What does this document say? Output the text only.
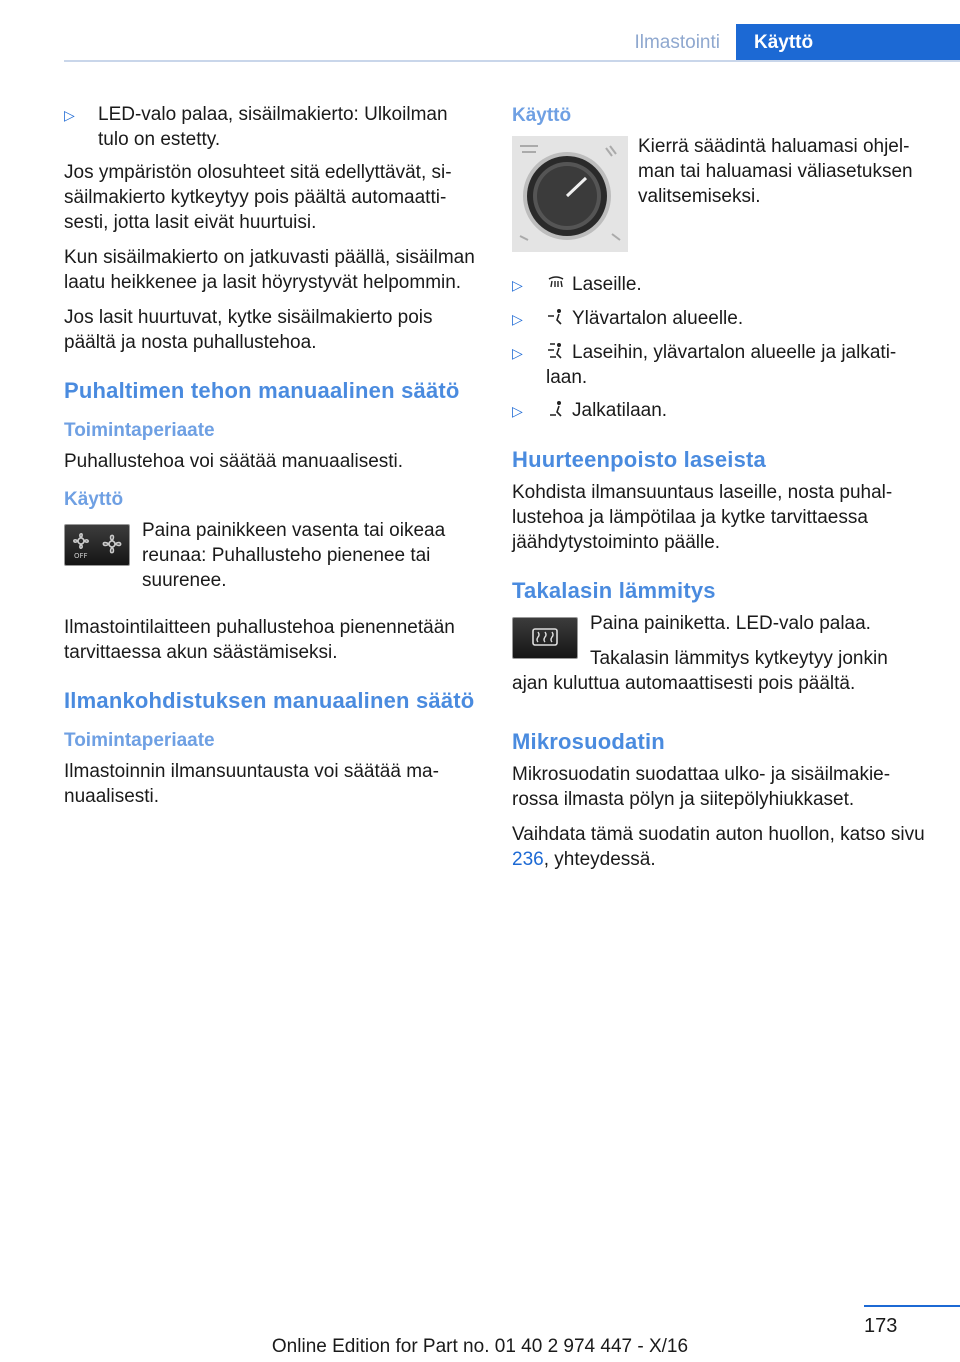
Ilmastointi	Käyttö
▷	LED-valo palaa, sisäilmakierto: Ulkoilman tulo on estetty.

Jos ympäristön olosuhteet sitä edellyttävät, sisäilmakierto kytkeytyy pois päältä automaattisesti, jotta lasit eivät huurtuisi.

Kun sisäilmakierto on jatkuvasti päällä, sisäilman laatu heikkenee ja lasit höyrystyvät helpommin.

Jos lasit huurtuvat, kytke sisäilmakierto pois päältä ja nosta puhallustehoa.

Puhaltimen tehon manuaalinen säätö
Toimintaperiaate

Puhallustehoa voi säätää manuaalisesti.

Käyttö
OFF

Paina painikkeen vasenta tai oikeaa reunaa: Puhallusteho pienenee tai suurenee.

Ilmastointilaitteen puhallustehoa pienennetään tarvittaessa akun säästämiseksi.

Ilmankohdistuksen manuaalinen säätö
Toimintaperiaate

Ilmastoinnin ilmansuuntausta voi säätää manuaalisesti.

Käyttö

Kierrä säädintä haluamasi ohjelman tai haluamasi väliasetuksen valitsemiseksi.

▷	Laseille.
▷	Ylävartalon alueelle.
▷	Laseihin, ylävartalon alueelle ja jalkatilaan.
▷	Jalkatilaan.
Huurteenpoisto laseista

Kohdista ilmansuuntaus laseille, nosta puhallustehoa ja lämpötilaa ja kytke tarvittaessa jäähdytystoiminto päälle.

Takalasin lämmitys

Paina painiketta. LED-valo palaa.

Takalasin lämmitys kytkeytyy jonkin ajan kuluttua automaattisesti pois päältä.

Mikrosuodatin

Mikrosuodatin suodattaa ulko- ja sisäilmakierossa ilmasta pölyn ja siitepölyhiukkaset.

Vaihdata tämä suodatin auton huollon, katso sivu 236, yhteydessä.

173
Online Edition for Part no. 01 40 2 974 447 - X/16
